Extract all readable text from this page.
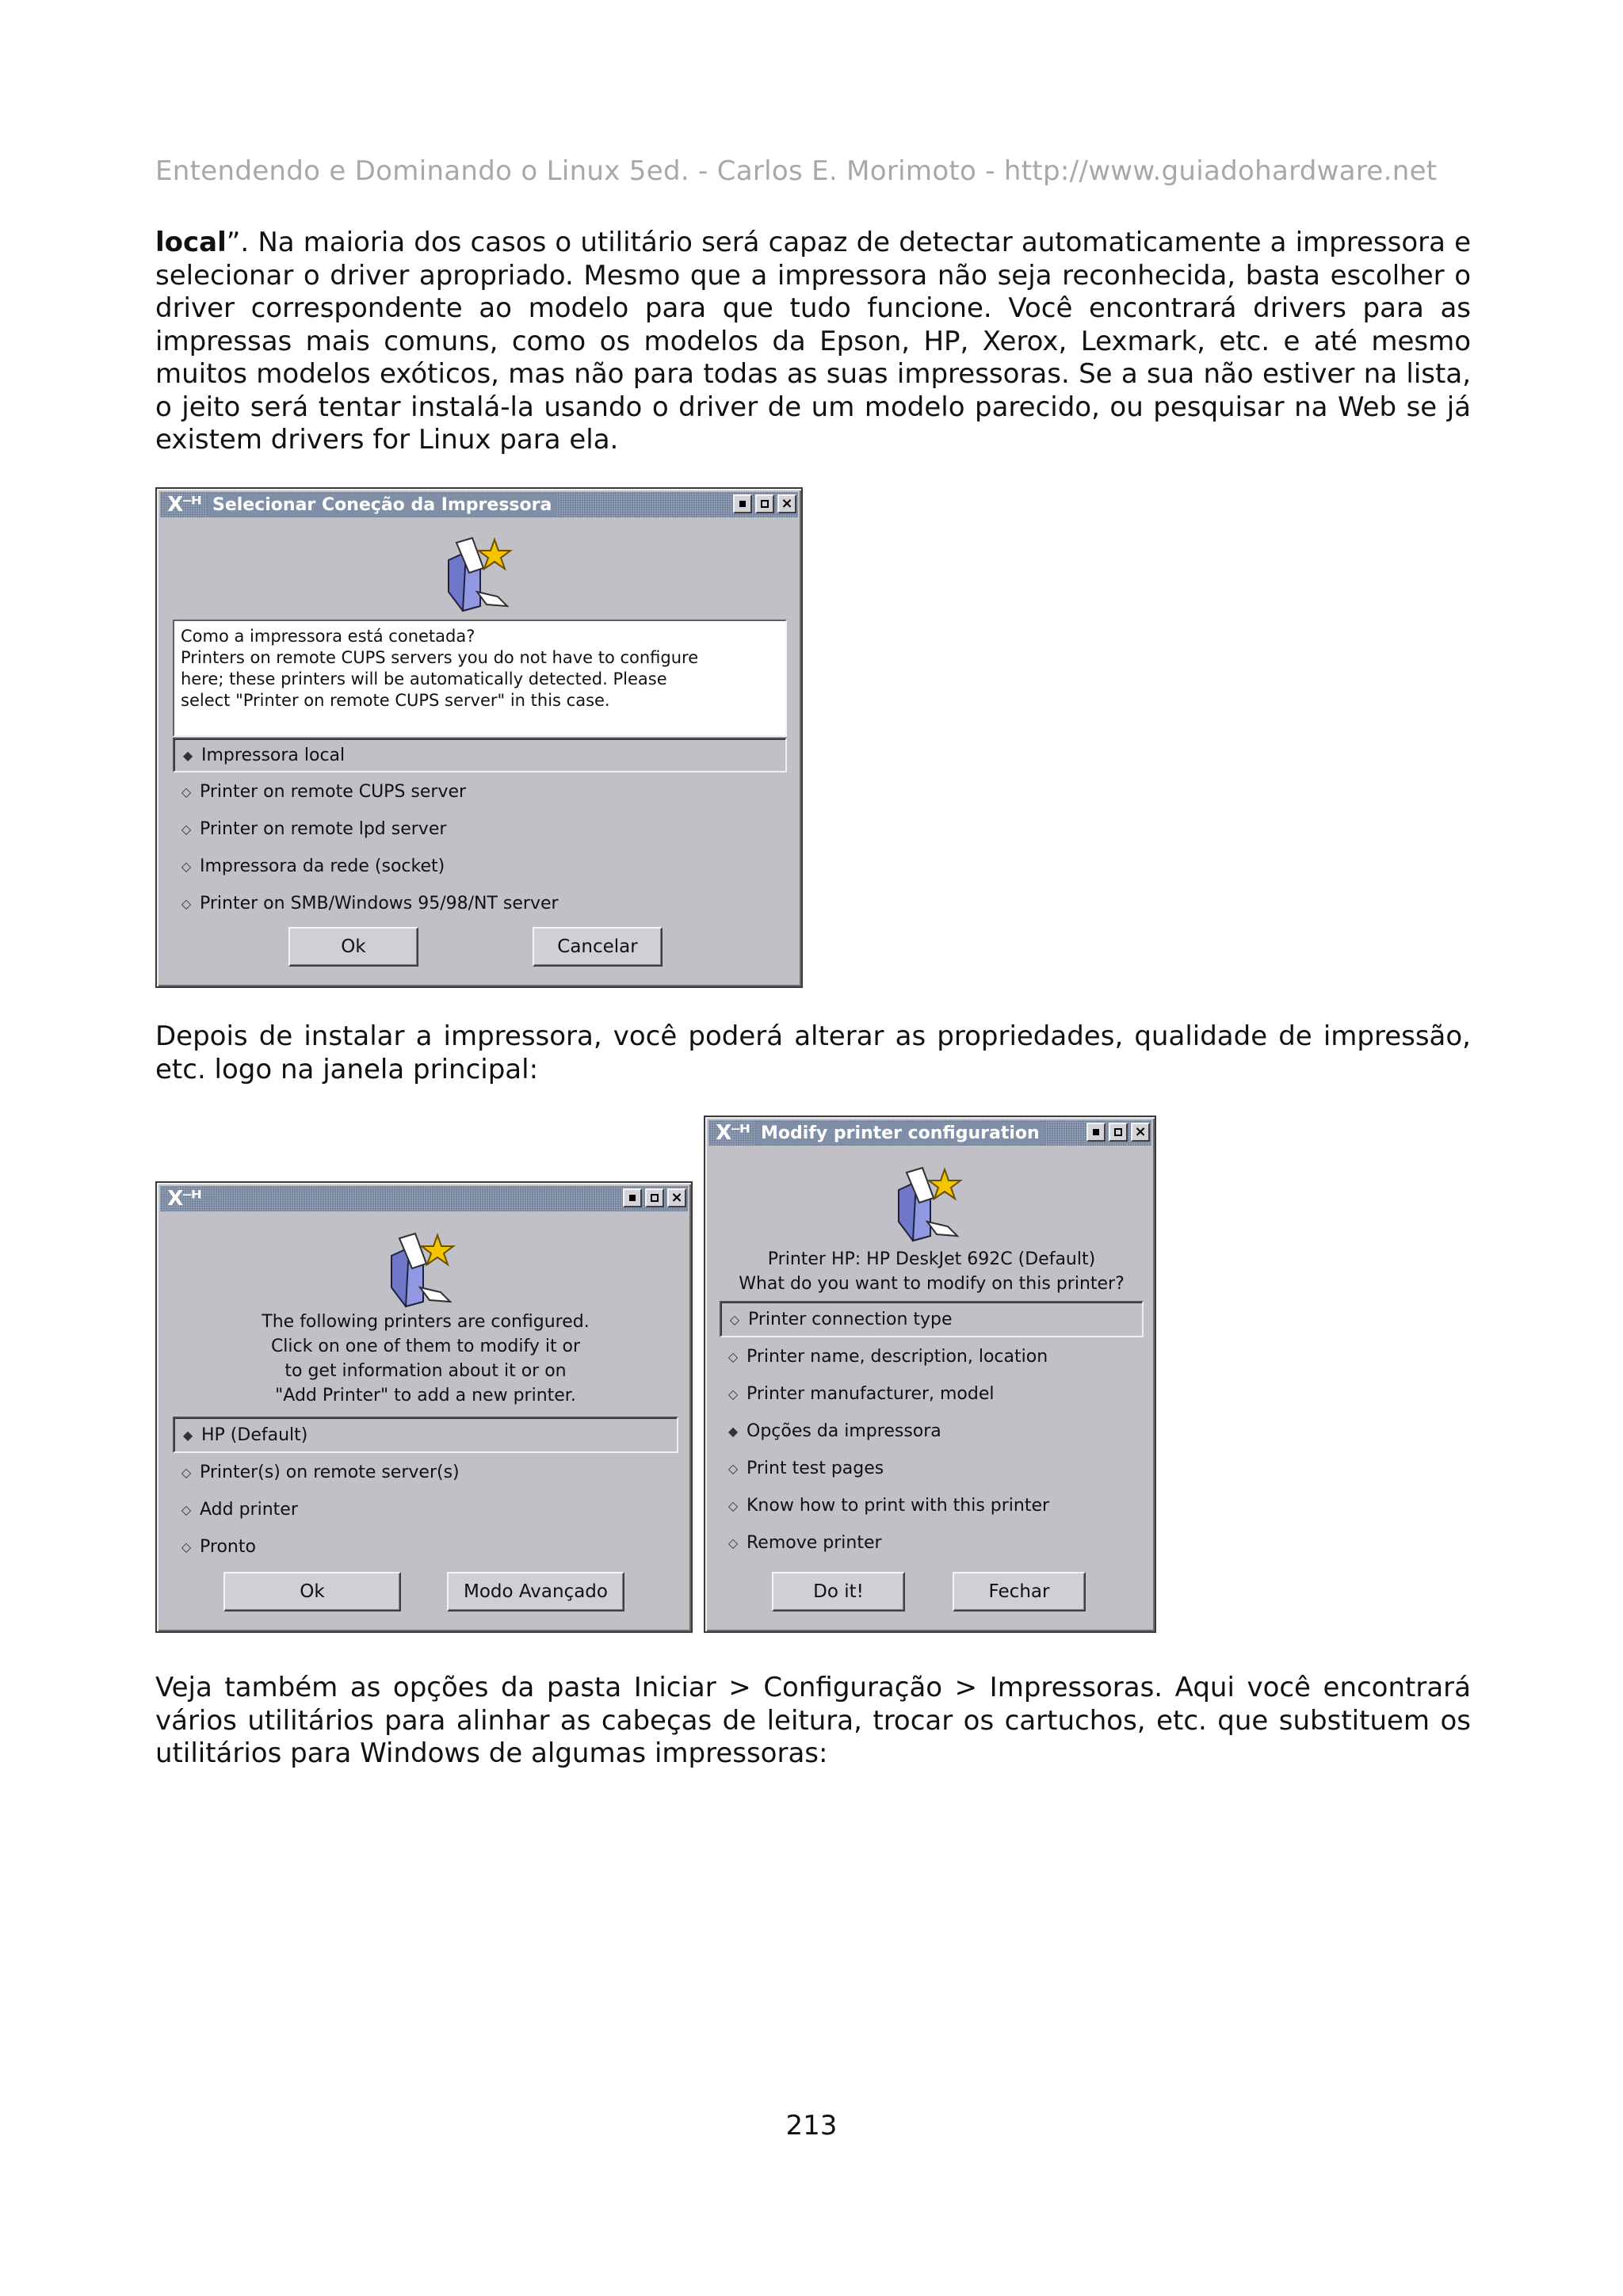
Entendendo e Dominando o Linux 5ed. - Carlos E. Morimoto - http://www.guiadohardware.net
local”. Na maioria dos casos o utilitário será capaz de detectar automaticamente a impressora e selecionar o driver apropriado. Mesmo que a impressora não seja reconhecida, basta escolher o driver correspondente ao modelo para que tudo funcione. Você encontrará drivers para as impressas mais comuns, como os modelos da Epson, HP, Xerox, Lexmark, etc. e até mesmo muitos modelos exóticos, mas não para todas as suas impressoras. Se a sua não estiver na lista, o jeito será tentar instalá-la usando o driver de um modelo parecido, ou pesquisar na Web se já existem drivers for Linux para ela.
X⁻ᴴ Selecionar Coneção da Impressora	×
Como a impressora está conetada?
Printers on remote CUPS servers you do not have to configure
here; these printers will be automatically detected. Please
select "Printer on remote CUPS server" in this case.
◆ Impressora local
◇ Printer on remote CUPS server
◇ Printer on remote lpd server
◇ Impressora da rede (socket)
◇ Printer on SMB/Windows 95/98/NT server
Ok	Cancelar
Depois de instalar a impressora, você poderá alterar as propriedades, qualidade de impressão, etc. logo na janela principal:
X⁻ᴴ	×
The following printers are configured.
Click on one of them to modify it or
to get information about it or on
"Add Printer" to add a new printer.
◆ HP (Default)
◇ Printer(s) on remote server(s)
◇ Add printer
◇ Pronto
Ok	Modo Avançado
X⁻ᴴ Modify printer configuration	×
Printer HP: HP DeskJet 692C (Default)
What do you want to modify on this printer?
◇ Printer connection type
◇ Printer name, description, location
◇ Printer manufacturer, model
◆ Opções da impressora
◇ Print test pages
◇ Know how to print with this printer
◇ Remove printer
Do it!	Fechar
Veja também as opções da pasta Iniciar > Configuração > Impressoras. Aqui você encontrará vários utilitários para alinhar as cabeças de leitura, trocar os cartuchos, etc. que substituem os utilitários para Windows de algumas impressoras:
213
